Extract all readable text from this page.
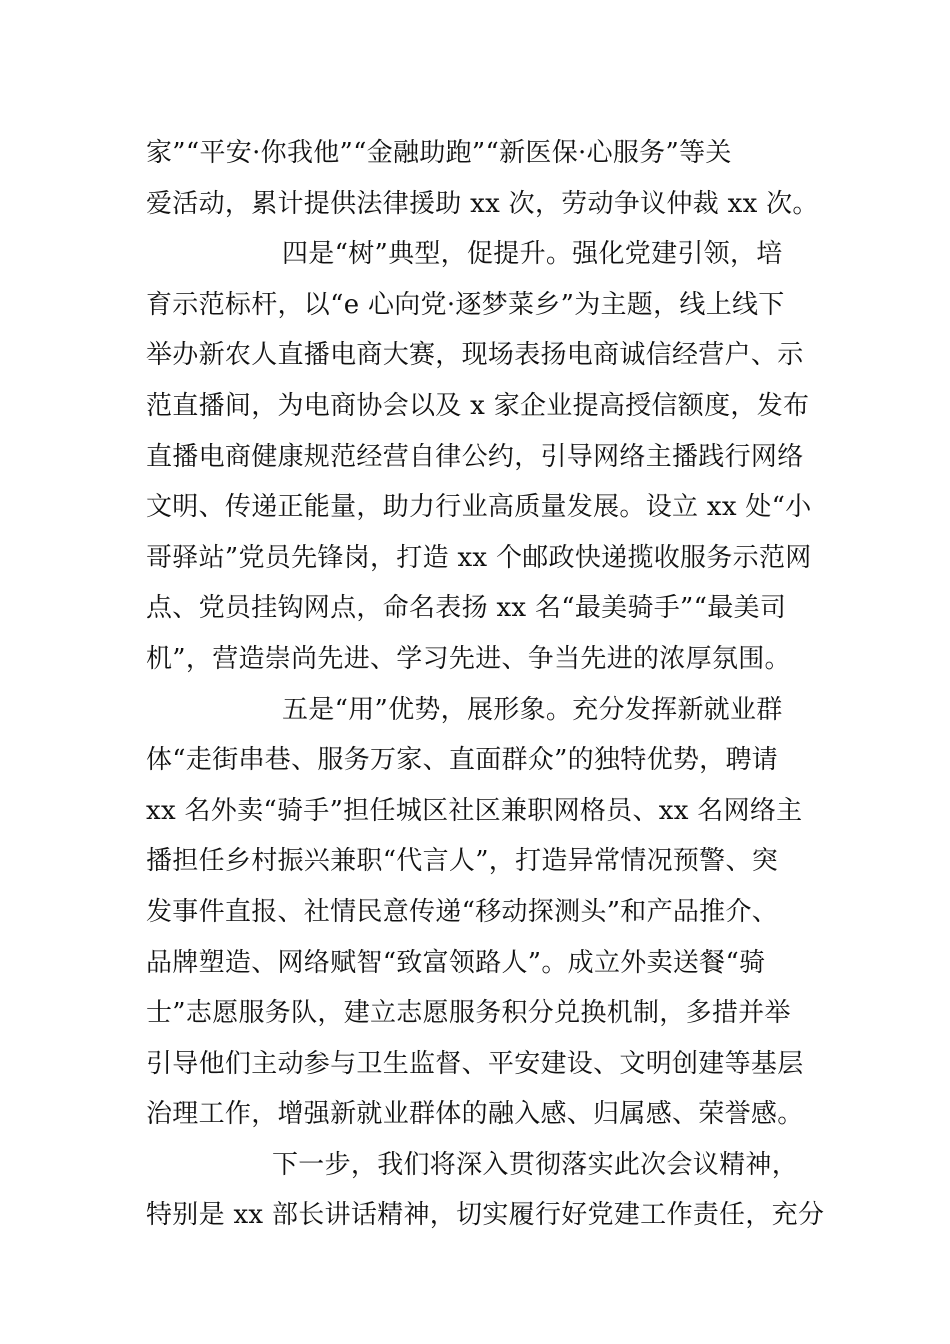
家”“平安·你我他”“金融助跑”“新医保·心服务”等关
爱活动，累计提供法律援助 xx 次，劳动争议仲裁 xx 次。
四是“树”典型，促提升。强化党建引领，培
育示范标杆，以“e 心向党·逐梦菜乡”为主题，线上线下
举办新农人直播电商大赛，现场表扬电商诚信经营户、示
范直播间，为电商协会以及 x 家企业提高授信额度，发布
直播电商健康规范经营自律公约，引导网络主播践行网络
文明、传递正能量，助力行业高质量发展。设立 xx 处“小
哥驿站”党员先锋岗，打造 xx 个邮政快递揽收服务示范网
点、党员挂钩网点，命名表扬 xx 名“最美骑手”“最美司
机”，营造崇尚先进、学习先进、争当先进的浓厚氛围。
五是“用”优势，展形象。充分发挥新就业群
体“走街串巷、服务万家、直面群众”的独特优势，聘请
xx 名外卖“骑手”担任城区社区兼职网格员、xx 名网络主
播担任乡村振兴兼职“代言人”，打造异常情况预警、突
发事件直报、社情民意传递“移动探测头”和产品推介、
品牌塑造、网络赋智“致富领路人”。成立外卖送餐“骑
士”志愿服务队，建立志愿服务积分兑换机制，多措并举
引导他们主动参与卫生监督、平安建设、文明创建等基层
治理工作，增强新就业群体的融入感、归属感、荣誉感。
下一步，我们将深入贯彻落实此次会议精神，
特别是 xx 部长讲话精神，切实履行好党建工作责任，充分
